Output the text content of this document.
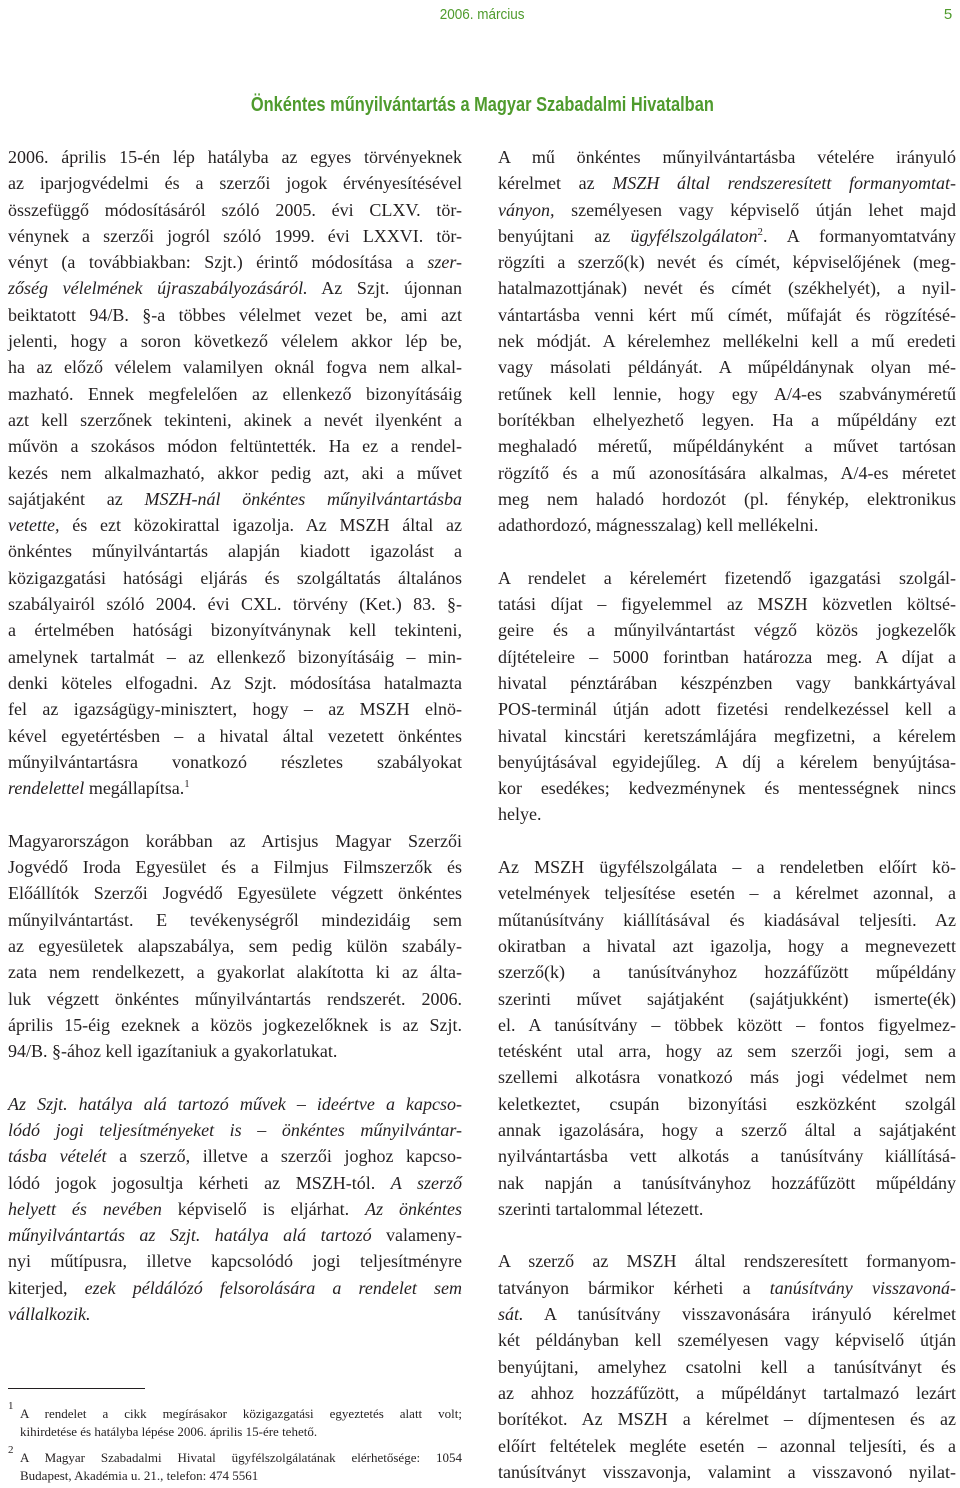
2006. március	5
Önkéntes műnyilvántartás a Magyar Szabadalmi Hivatalban
2006. április 15-én lép hatályba az egyes törvényeknek
az iparjogvédelmi és a szerzői jogok érvényesítésével
összefüggő módosításáról szóló 2005. évi CLXV. tör-
vénynek a szerzői jogról szóló 1999. évi LXXVI. tör-
vényt (a továbbiakban: Szjt.) érintő módosítása a szer-
zőség vélelmének újraszabályozásáról. Az Szjt. újonnan
beiktatott 94/B. §-a többes vélelmet vezet be, ami azt
jelenti, hogy a soron következő vélelem akkor lép be,
ha az előző vélelem valamilyen oknál fogva nem alkal-
mazható. Ennek megfelelően az ellenkező bizonyításáig
azt kell szerzőnek tekinteni, akinek a nevét ilyenként a
művön a szokásos módon feltüntették. Ha ez a rendel-
kezés nem alkalmazható, akkor pedig azt, aki a művet
sajátjaként az MSZH-nál önkéntes műnyilvántartásba
vetette, és ezt közokirattal igazolja. Az MSZH által az
önkéntes műnyilvántartás alapján kiadott igazolást a
közigazgatási hatósági eljárás és szolgáltatás általános
szabályairól szóló 2004. évi CXL. törvény (Ket.) 83. §-
a értelmében hatósági bizonyítványnak kell tekinteni,
amelynek tartalmát – az ellenkező bizonyításáig – min-
denki köteles elfogadni. Az Szjt. módosítása hatalmazta
fel az igazságügy-minisztert, hogy – az MSZH elnö-
kével egyetértésben – a hivatal által vezetett önkéntes
műnyilvántartásra vonatkozó részletes szabályokat
rendelettel megállapítsa.$^1$
Magyarországon korábban az Artisjus Magyar Szerzői
Jogvédő Iroda Egyesület és a Filmjus Filmszerzők és
Előállítók Szerzői Jogvédő Egyesülete végzett önkéntes
műnyilvántartást. E tevékenységről mindezidáig sem
az egyesületek alapszabálya, sem pedig külön szabály-
zata nem rendelkezett, a gyakorlat alakította ki az álta-
luk végzett önkéntes műnyilvántartás rendszerét. 2006.
április 15-éig ezeknek a közös jogkezelőknek is az Szjt.
94/B. §-ához kell igazítaniuk a gyakorlatukat.
Az Szjt. hatálya alá tartozó művek – ideértve a kapcso-
lódó jogi teljesítményeket is – önkéntes műnyilvántar-
tásba vételét a szerző, illetve a szerzői joghoz kapcso-
lódó jogok jogosultja kérheti az MSZH-tól. A szerző
helyett és nevében képviselő is eljárhat. Az önkéntes
műnyilvántartás az Szjt. hatálya alá tartozó valameny-
nyi műtípusra, illetve kapcsolódó jogi teljesítményre
kiterjed, ezek példálózó felsorolására a rendelet sem
vállalkozik.
A mű önkéntes műnyilvántartásba vételére irányuló
kérelmet az MSZH által rendszeresített formanyomtat-
ványon, személyesen vagy képviselő útján lehet majd
benyújtani az ügyfélszolgálaton$^2$. A formanyomtatvány
rögzíti a szerző(k) nevét és címét, képviselőjének (meg-
hatalmazottjának) nevét és címét (székhelyét), a nyil-
vántartásba venni kért mű címét, műfaját és rögzítésé-
nek módját. A kérelemhez mellékelni kell a mű eredeti
vagy másolati példányát. A műpéldánynak olyan mé-
retűnek kell lennie, hogy egy A/4-es szabványméretű
borítékban elhelyezhető legyen. Ha a műpéldány ezt
meghaladó méretű, műpéldányként a művet tartósan
rögzítő és a mű azonosítására alkalmas, A/4-es méretet
meg nem haladó hordozót (pl. fénykép, elektronikus
adathordozó, mágnesszalag) kell mellékelni.
A rendelet a kérelemért fizetendő igazgatási szolgál-
tatási díjat – figyelemmel az MSZH közvetlen költsé-
geire és a műnyilvántartást végző közös jogkezelők
díjtételeire – 5000 forintban határozza meg. A díjat a
hivatal pénztárában készpénzben vagy bankkártyával
POS-terminál útján adott fizetési rendelkezéssel kell a
hivatal kincstári keretszámlájára megfizetni, a kérelem
benyújtásával egyidejűleg. A díj a kérelem benyújtása-
kor esedékes; kedvezménynek és mentességnek nincs
helye.
Az MSZH ügyfélszolgálata – a rendeletben előírt kö-
vetelmények teljesítése esetén – a kérelmet azonnal, a
műtanúsítvány kiállításával és kiadásával teljesíti. Az
okiratban a hivatal azt igazolja, hogy a megnevezett
szerző(k) a tanúsítványhoz hozzáfűzött műpéldány
szerinti művet sajátjaként (sajátjukként) ismerte(ék)
el. A tanúsítvány – többek között – fontos figyelmez-
tetésként utal arra, hogy az sem szerzői jogi, sem a
szellemi alkotásra vonatkozó más jogi védelmet nem
keletkeztet, csupán bizonyítási eszközként szolgál
annak igazolására, hogy a szerző által a sajátjaként
nyilvántartásba vett alkotás a tanúsítvány kiállításá-
nak napján a tanúsítványhoz hozzáfűzött műpéldány
szerinti tartalommal létezett.
A szerző az MSZH által rendszeresített formanyom-
tatványon bármikor kérheti a tanúsítvány visszavoná-
sát. A tanúsítvány visszavonására irányuló kérelmet
két példányban kell személyesen vagy képviselő útján
benyújtani, amelyhez csatolni kell a tanúsítványt és
az ahhoz hozzáfűzött, a műpéldányt tartalmazó lezárt
borítékot. Az MSZH a kérelmet – díjmentesen és az
előírt feltételek megléte esetén – azonnal teljesíti, és a
tanúsítványt visszavonja, valamint a visszavonó nyilat-
1 A rendelet a cikk megírásakor közigazgatási egyeztetés alatt volt;
kihirdetése és hatályba lépése 2006. április 15-ére tehető.
2 A Magyar Szabadalmi Hivatal ügyfélszolgálatának elérhetősége: 1054
Budapest, Akadémia u. 21., telefon: 474 5561
